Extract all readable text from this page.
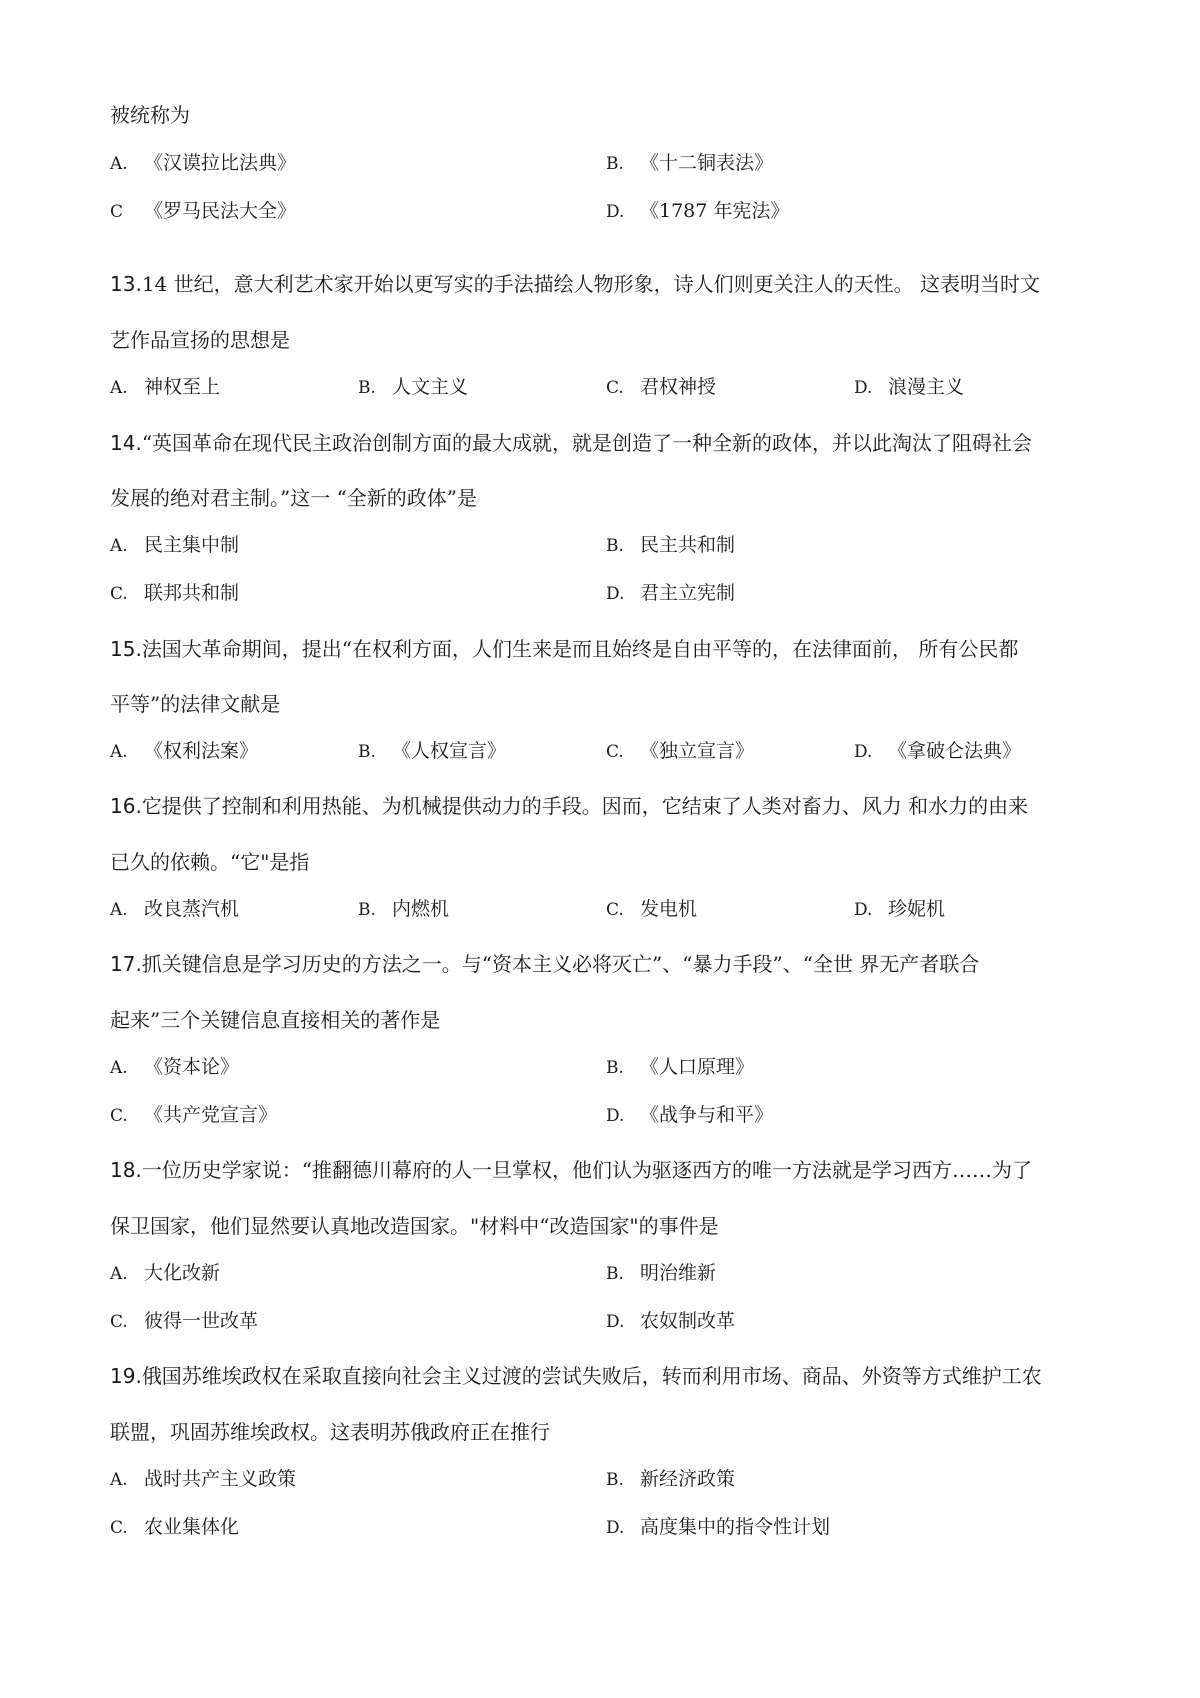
被统称为
A. 《汉谟拉比法典》	B. 《十二铜表法》
C 《罗马民法大全》	D. 《1787 年宪法》
13.14 世纪，意大利艺术家开始以更写实的手法描绘人物形象，诗人们则更关注人的天性。 这表明当时文
艺作品宣扬的思想是
A. 神权至上	B. 人文主义	C. 君权神授	D. 浪漫主义
14.“英国革命在现代民主政治创制方面的最大成就，就是创造了一种全新的政体，并以此淘汰了阻碍社会
发展的绝对君主制。”这一 “全新的政体”是
A. 民主集中制	B. 民主共和制
C. 联邦共和制	D. 君主立宪制
15.法国大革命期间，提出“在权利方面，人们生来是而且始终是自由平等的，在法律面前， 所有公民都
平等”的法律文献是
A. 《权利法案》	B. 《人权宣言》	C. 《独立宣言》	D. 《拿破仑法典》
16.它提供了控制和利用热能、为机械提供动力的手段。因而，它结束了人类对畜力、风力 和水力的由来
已久的依赖。“它"是指
A. 改良蒸汽机	B. 内燃机	C. 发电机	D. 珍妮机
17.抓关键信息是学习历史的方法之一。与“资本主义必将灭亡”、“暴力手段”、“全世 界无产者联合
起来”三个关键信息直接相关的著作是
A. 《资本论》	B. 《人口原理》
C. 《共产党宣言》	D. 《战争与和平》
18.一位历史学家说：“推翻德川幕府的人一旦掌权，他们认为驱逐西方的唯一方法就是学习西方……为了
保卫国家，他们显然要认真地改造国家。"材料中“改造国家"的事件是
A. 大化改新	B. 明治维新
C. 彼得一世改革	D. 农奴制改革
19.俄国苏维埃政权在采取直接向社会主义过渡的尝试失败后，转而利用市场、商品、外资等方式维护工农
联盟，巩固苏维埃政权。这表明苏俄政府正在推行
A. 战时共产主义政策	B. 新经济政策
C. 农业集体化	D. 高度集中的指令性计划
